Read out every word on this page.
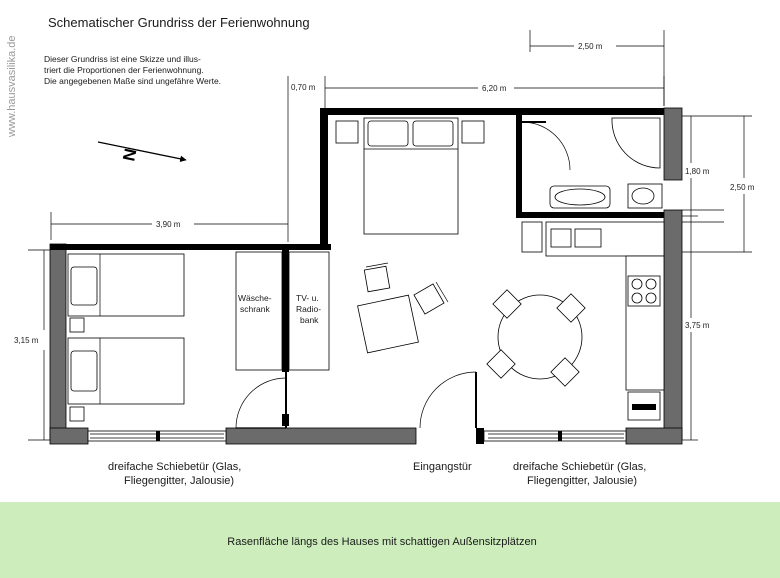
www.hausvasilika.de
Schematischer Grundriss der Ferienwohnung
Dieser Grundriss ist eine Skizze und illus-
triert die Proportionen der Ferienwohnung.
Die angegebenen Maße sind ungefähre Werte.
N
2,50 m
0,70 m	6,20 m
3,90 m
3,15 m
1,80 m
2,50 m
3,75 m
Wäsche-
schrank
TV- u.
Radio-
bank
dreifache Schiebetür (Glas,
Fliegengitter, Jalousie)
Eingangstür	dreifache Schiebetür (Glas,
Fliegengitter, Jalousie)
Rasenfläche längs des Hauses mit schattigen Außensitzplätzen
